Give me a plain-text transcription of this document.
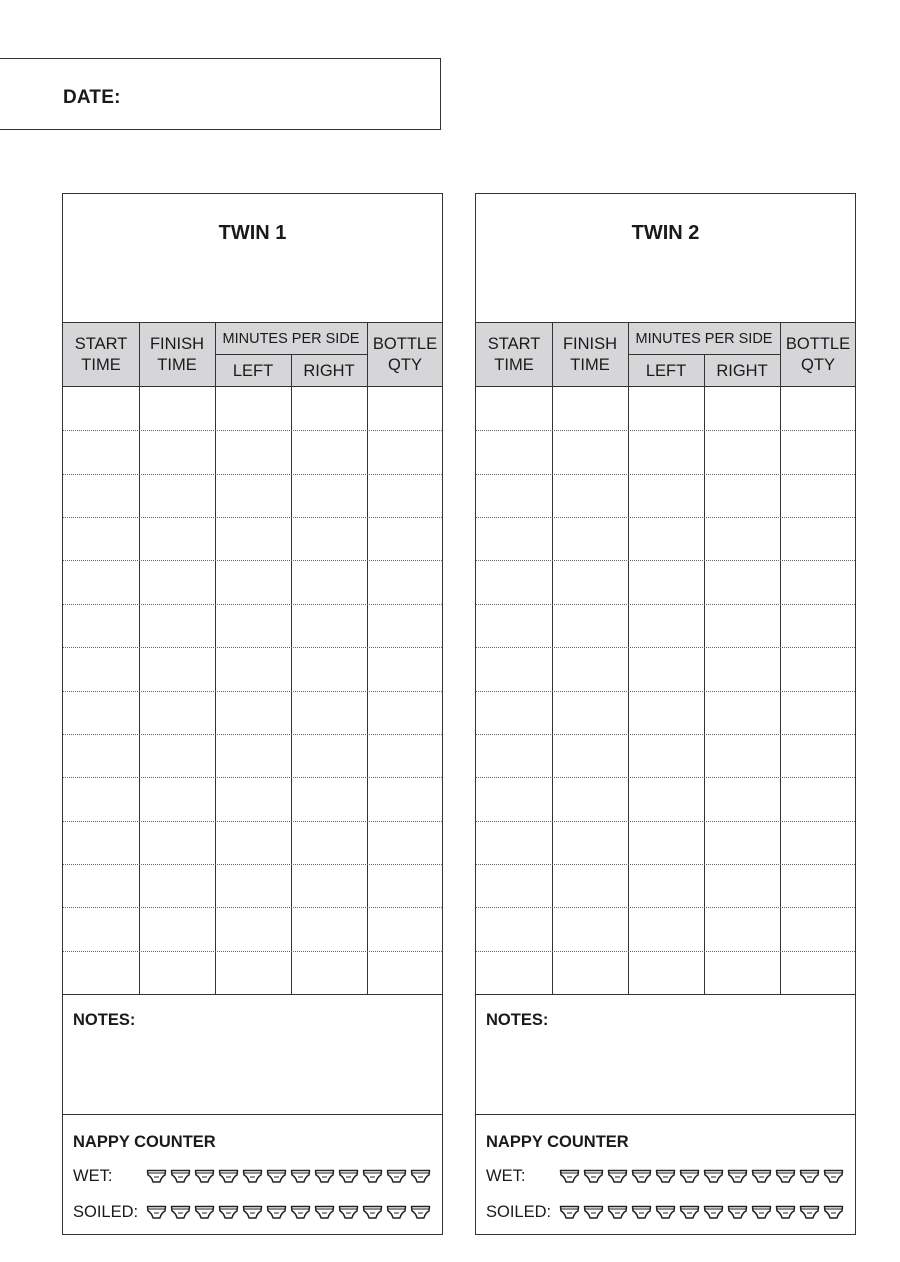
DATE:
TWIN 1
START
TIME
FINISH
TIME
MINUTES PER SIDE
LEFT	RIGHT
BOTTLE
QTY
NOTES:
NAPPY COUNTER
WET:
SOILED:
TWIN 2
START
TIME
FINISH
TIME
MINUTES PER SIDE
LEFT	RIGHT
BOTTLE
QTY
NOTES:
NAPPY COUNTER
WET:
SOILED:
